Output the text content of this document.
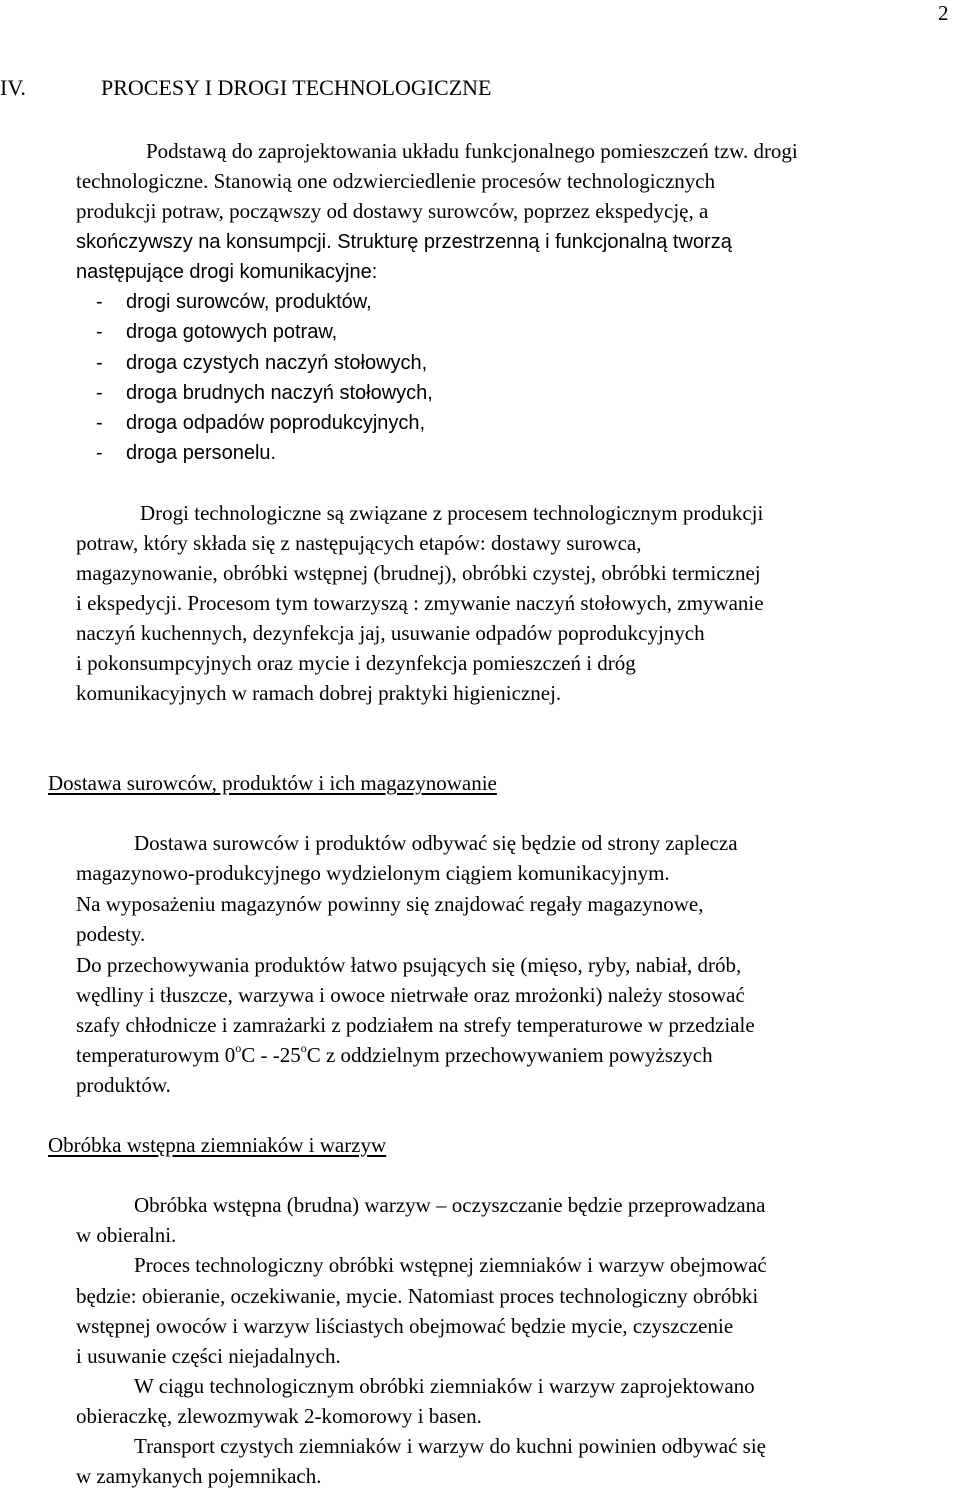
2
IV.	PROCESY I DROGI TECHNOLOGICZNE
Podstawą do zaprojektowania układu funkcjonalnego pomieszczeń tzw. drogi
technologiczne. Stanowią one odzwierciedlenie procesów technologicznych
produkcji potraw, począwszy od dostawy surowców, poprzez ekspedycję, a
skończywszy na konsumpcji. Strukturę przestrzenną i funkcjonalną tworzą
następujące drogi komunikacyjne:
- drogi surowców, produktów,
- droga gotowych potraw,
- droga czystych naczyń stołowych,
- droga brudnych naczyń stołowych,
- droga odpadów poprodukcyjnych,
- droga personelu.
Drogi technologiczne są związane z procesem technologicznym produkcji
potraw, który składa się z następujących etapów: dostawy surowca,
magazynowanie, obróbki wstępnej (brudnej), obróbki czystej, obróbki termicznej
i ekspedycji. Procesom tym towarzyszą : zmywanie naczyń stołowych, zmywanie
naczyń kuchennych, dezynfekcja jaj, usuwanie odpadów poprodukcyjnych
i pokonsumpcyjnych oraz mycie i dezynfekcja pomieszczeń i dróg
komunikacyjnych w ramach dobrej praktyki higienicznej.
Dostawa surowców, produktów i ich magazynowanie
Dostawa surowców i produktów odbywać się będzie od strony zaplecza
magazynowo-produkcyjnego wydzielonym ciągiem komunikacyjnym.
Na wyposażeniu magazynów powinny się znajdować regały magazynowe,
podesty.
Do przechowywania produktów łatwo psujących się (mięso, ryby, nabiał, drób,
wędliny i tłuszcze, warzywa i owoce nietrwałe oraz mrożonki) należy stosować
szafy chłodnicze i zamrażarki z podziałem na strefy temperaturowe w przedziale
temperaturowym 0$^o$C - -25$^o$C z oddzielnym przechowywaniem powyższych
produktów.
Obróbka wstępna ziemniaków i warzyw
Obróbka wstępna (brudna) warzyw – oczyszczanie będzie przeprowadzana
w obieralni.
Proces technologiczny obróbki wstępnej ziemniaków i warzyw obejmować
będzie: obieranie, oczekiwanie, mycie. Natomiast proces technologiczny obróbki
wstępnej owoców i warzyw liściastych obejmować będzie mycie, czyszczenie
i usuwanie części niejadalnych.
W ciągu technologicznym obróbki ziemniaków i warzyw zaprojektowano
obieraczkę, zlewozmywak 2-komorowy i basen.
Transport czystych ziemniaków i warzyw do kuchni powinien odbywać się
w zamykanych pojemnikach.
